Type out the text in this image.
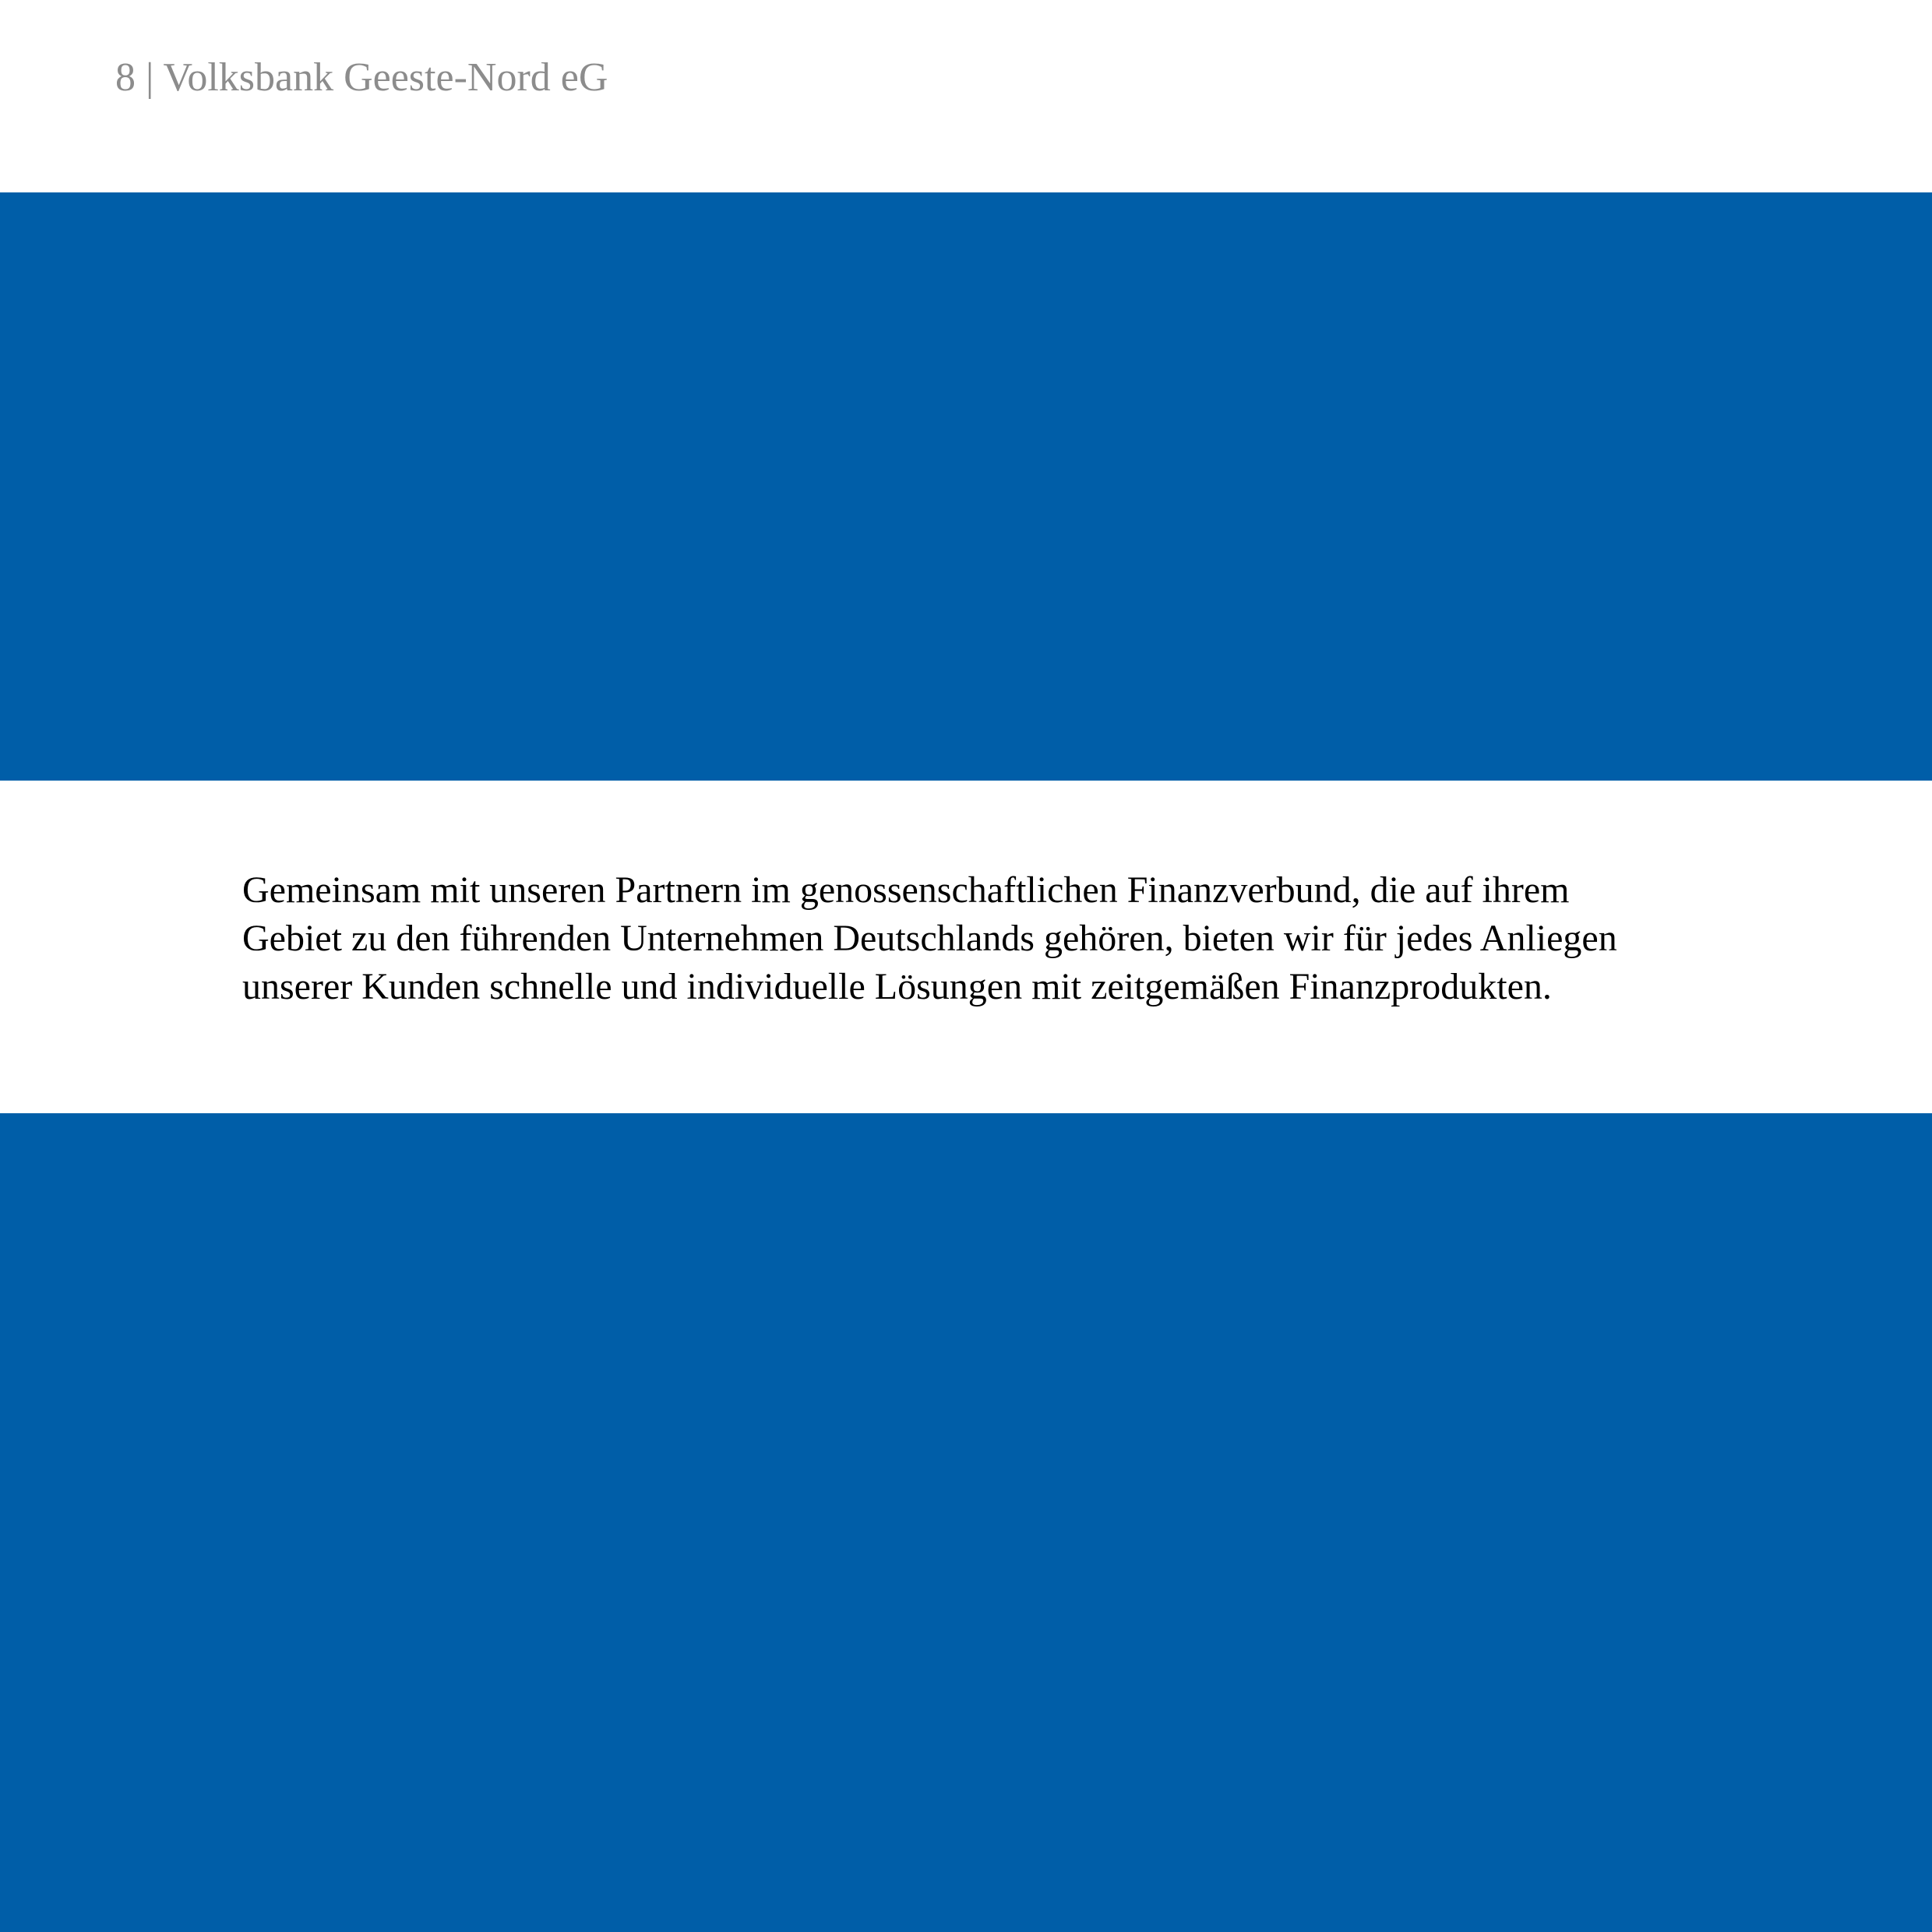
8 | Volksbank Geeste-Nord eG

Gemeinsam mit unseren Partnern im genossenschaftlichen Finanzverbund, die auf ihrem
Gebiet zu den führenden Unternehmen Deutschlands gehören, bieten wir für jedes Anliegen
unserer Kunden schnelle und individuelle Lösungen mit zeitgemäßen Finanzprodukten.
